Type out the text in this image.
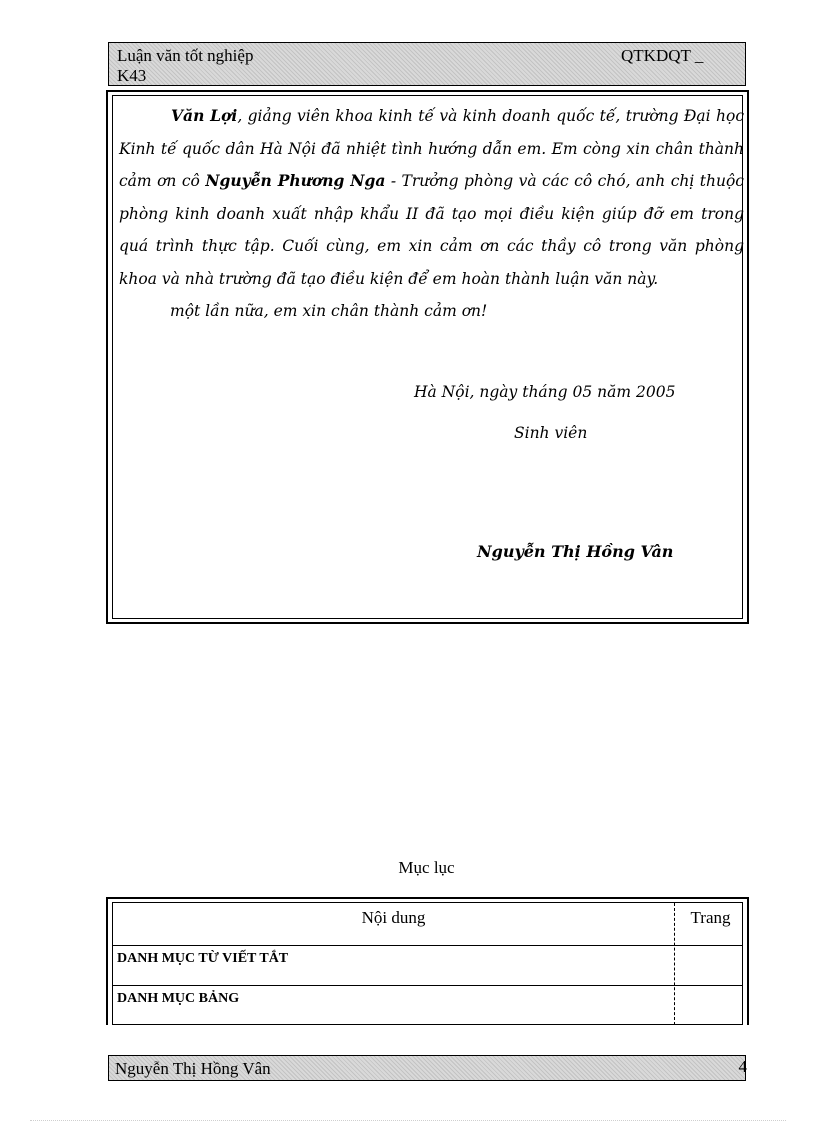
Luận văn tốt nghiệp	QTKDQT _
K43
Văn Lợi, giảng viên khoa kinh tế và kinh doanh quốc tế, trường Đại học Kinh tế quốc dân Hà Nội đã nhiệt tình hướng dẫn em. Em còng xin chân thành cảm ơn cô Nguyễn Phương Nga - Trưởng phòng và các cô chó, anh chị thuộc phòng kinh doanh xuất nhập khẩu II đã tạo mọi điều kiện giúp đỡ em trong quá trình thực tập. Cuối cùng, em xin cảm ơn các thầy cô trong văn phòng khoa và nhà trường đã tạo điều kiện để em hoàn thành luận văn này.
một lần nữa, em xin chân thành cảm ơn!
Hà Nội, ngày tháng 05 năm 2005
Sinh viên
Nguyễn Thị Hồng Vân
Mục lục
Nội dung	Trang
DANH MỤC TỪ VIẾT TẮT
DANH MỤC BẢNG
Nguyễn Thị Hồng Vân	4
